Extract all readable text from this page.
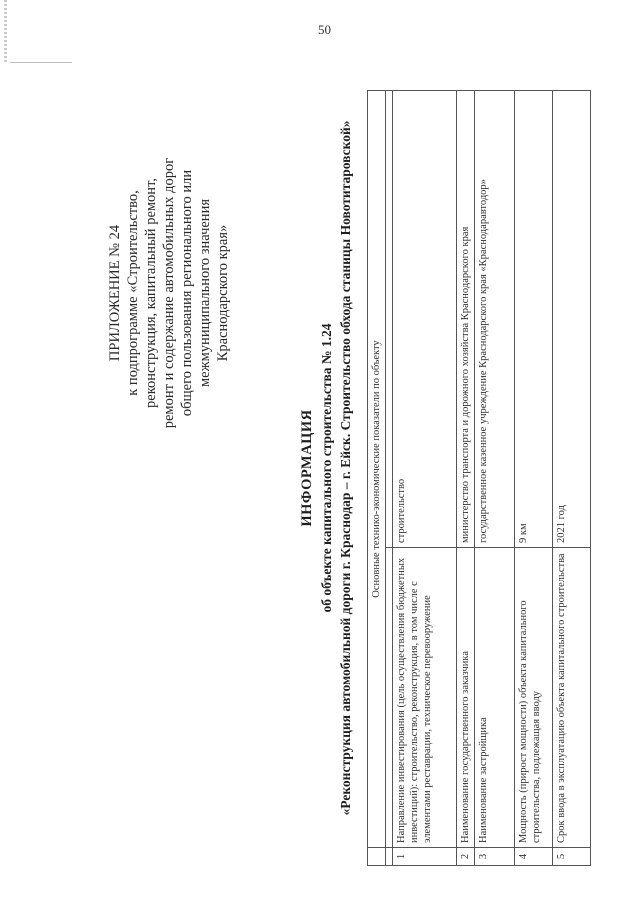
50
ПРИЛОЖЕНИЕ № 24 к подпрограмме «Строительство, реконструкция, капитальный ремонт, ремонт и содержание автомобильных дорог общего пользования регионального или межмуниципального значения Краснодарского края»
ИНФОРМАЦИЯ об объекте капитального строительства № 1.24 «Реконструкция автомобильной дороги г. Краснодар – г. Ейск. Строительство обхода станицы Новотитаровской»
	Основные технико-экономические показатели по объекту	

1	Направление инвестирования (цель осуществления бюджетных инвестиций): строительство, реконструкция, в том числе с элементами реставрации, техническое перевооружение	строительство
2	Наименование государственного заказчика	министерство транспорта и дорожного хозяйства Краснодарского края
3	Наименование застройщика	государственное казенное учреждение Краснодарского края «Краснодаравтодор»
4	Мощность (прирост мощности) объекта капитального строительства, подлежащая вводу	9 км
5	Срок ввода в эксплуатацию объекта капитального строительства	2021 год
